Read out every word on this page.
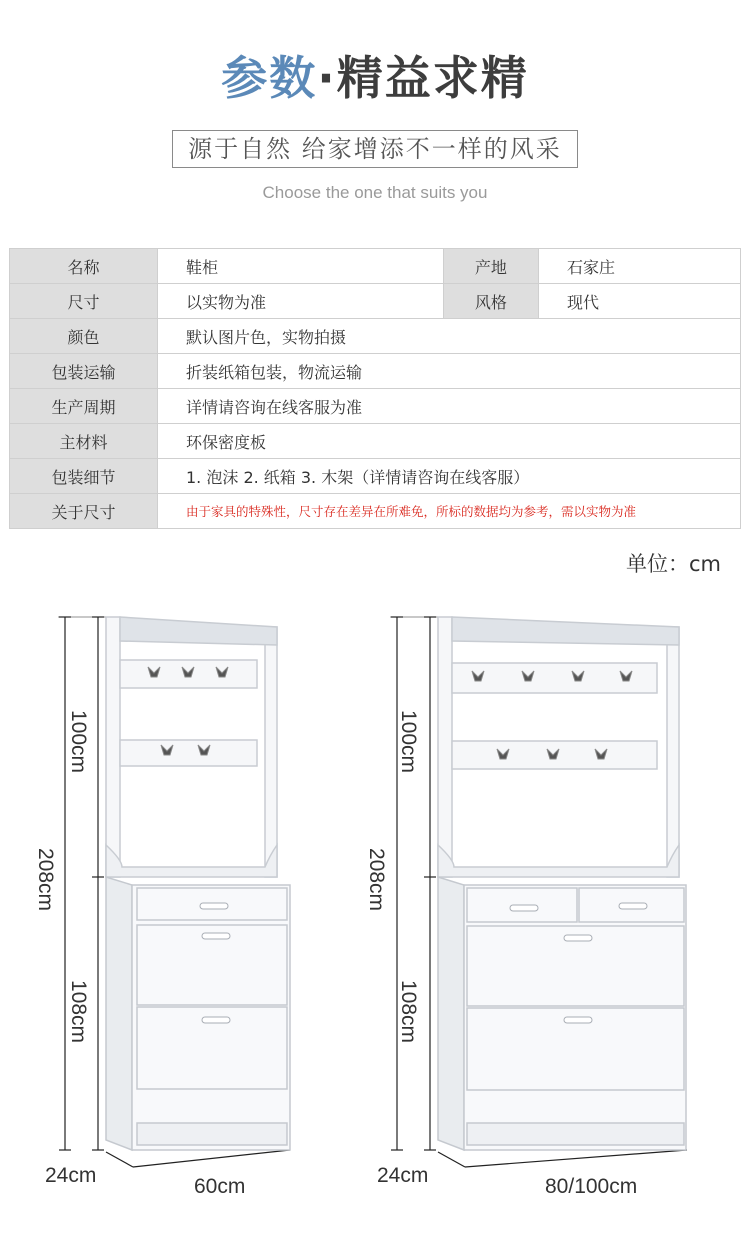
参数·精益求精
源于自然 给家增添不一样的风采
Choose the one that suits you
名称	鞋柜	产地	石家庄
尺寸	以实物为准	风格	现代
颜色	默认图片色，实物拍摄		
包装运输	折装纸箱包装，物流运输		
生产周期	详情请咨询在线客服为准		
主材料	环保密度板		
包装细节	1. 泡沫 2. 纸箱 3. 木架（详情请咨询在线客服）		
关于尺寸	由于家具的特殊性，尺寸存在差异在所难免，所标的数据均为参考，需以实物为准		
单位：cm
100cm
208cm
108cm
24cm	60cm
100cm
208cm
108cm
24cm	80/100cm
